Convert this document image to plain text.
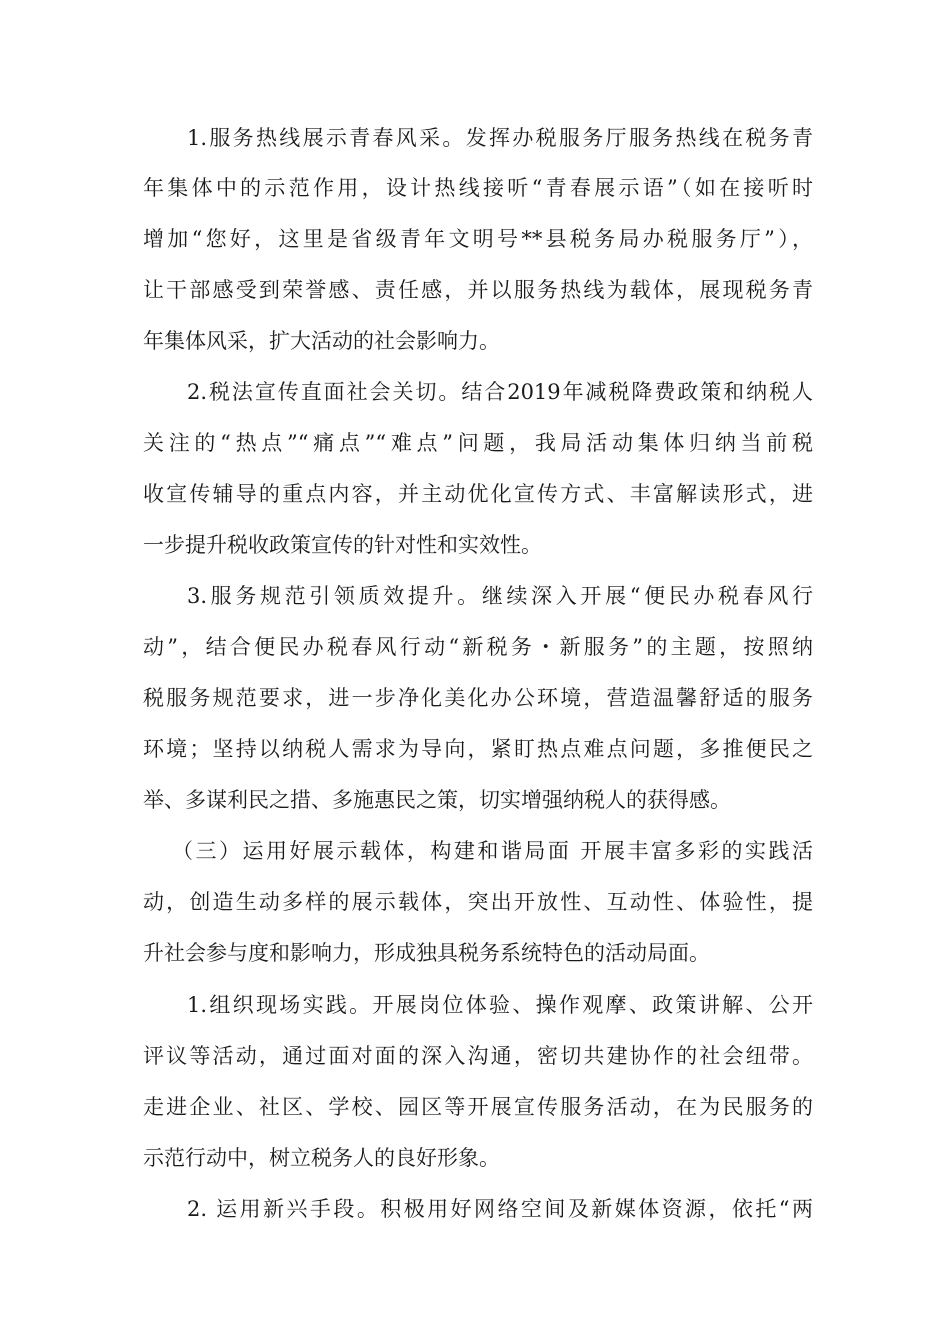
1.服务热线展示青春风采。发挥办税服务厅服务热线在税务青
年集体中的示范作用，设计热线接听“青春展示语”（如在接听时
增加“您好，这里是省级青年文明号**县税务局办税服务厅”），
让干部感受到荣誉感、责任感，并以服务热线为载体，展现税务青
年集体风采，扩大活动的社会影响力。
2.税法宣传直面社会关切。结合2019年减税降费政策和纳税人
关注的“热点”“痛点”“难点”问题，我局活动集体归纳当前税
收宣传辅导的重点内容，并主动优化宣传方式、丰富解读形式，进
一步提升税收政策宣传的针对性和实效性。
3.服务规范引领质效提升。继续深入开展“便民办税春风行
动”，结合便民办税春风行动“新税务・新服务”的主题，按照纳
税服务规范要求，进一步净化美化办公环境，营造温馨舒适的服务
环境；坚持以纳税人需求为导向，紧盯热点难点问题，多推便民之
举、多谋利民之措、多施惠民之策，切实增强纳税人的获得感。
（三）运用好展示载体，构建和谐局面 开展丰富多彩的实践活
动，创造生动多样的展示载体，突出开放性、互动性、体验性，提
升社会参与度和影响力，形成独具税务系统特色的活动局面。
1.组织现场实践。开展岗位体验、操作观摩、政策讲解、公开
评议等活动，通过面对面的深入沟通，密切共建协作的社会纽带。
走进企业、社区、学校、园区等开展宣传服务活动，在为民服务的
示范行动中，树立税务人的良好形象。
2. 运用新兴手段。积极用好网络空间及新媒体资源，依托“两
